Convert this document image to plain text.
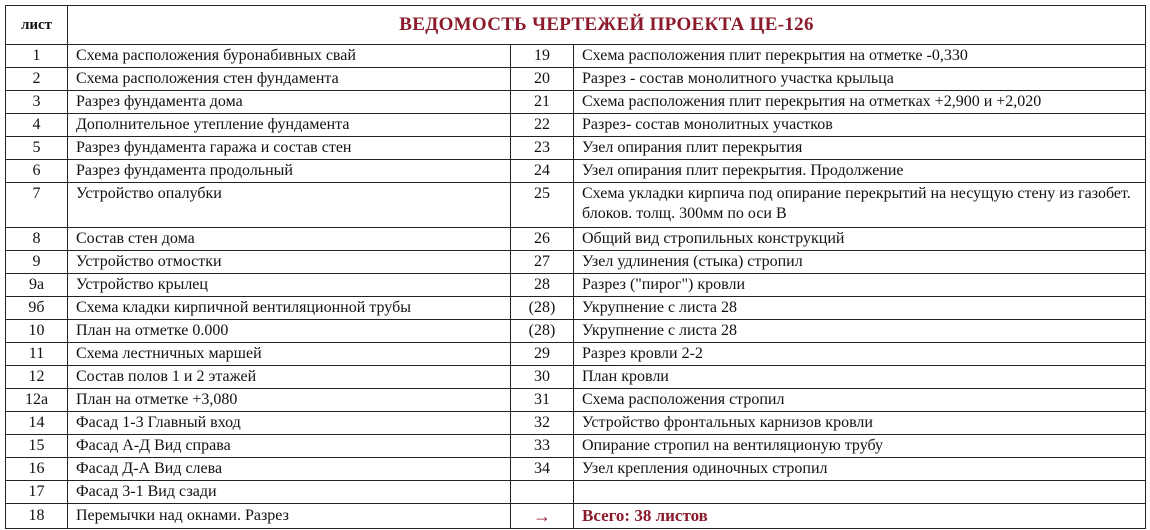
лист	ВЕДОМОСТЬ ЧЕРТЕЖЕЙ ПРОЕКТА ЦЕ-126		
1	Схема расположения буронабивных свай	19	Схема расположения плит перекрытия на отметке -0,330
2	Схема расположения стен фундамента	20	Разрез - состав монолитного участка крыльца
3	Разрез фундамента дома	21	Схема расположения плит перекрытия на отметках +2,900 и +2,020
4	Дополнительное утепление фундамента	22	Разрез- состав монолитных участков
5	Разрез фундамента гаража и состав стен	23	Узел опирания плит перекрытия
6	Разрез фундамента продольный	24	Узел опирания плит перекрытия. Продолжение
7	Устройство опалубки	25	Схема укладки кирпича под опирание перекрытий на несущую стену из газобет. блоков. толщ. 300мм по оси В
8	Состав стен дома	26	Общий вид стропильных конструкций
9	Устройство отмостки	27	Узел удлинения (стыка) стропил
9а	Устройство крылец	28	Разрез ("пирог") кровли
9б	Схема кладки кирпичной вентиляционной трубы	(28)	Укрупнение с листа 28
10	План на отметке 0.000	(28)	Укрупнение с листа 28
11	Схема лестничных маршей	29	Разрез кровли 2-2
12	Состав полов 1 и 2 этажей	30	План кровли
12а	План на отметке +3,080	31	Схема расположения стропил
14	Фасад 1-3 Главный вход	32	Устройство фронтальных карнизов кровли
15	Фасад А-Д Вид справа	33	Опирание стропил на вентиляционую трубу
16	Фасад Д-А Вид слева	34	Узел крепления одиночных стропил
17	Фасад 3-1 Вид сзади		
18	Перемычки над окнами. Разрез	→	Всего: 38 листов
